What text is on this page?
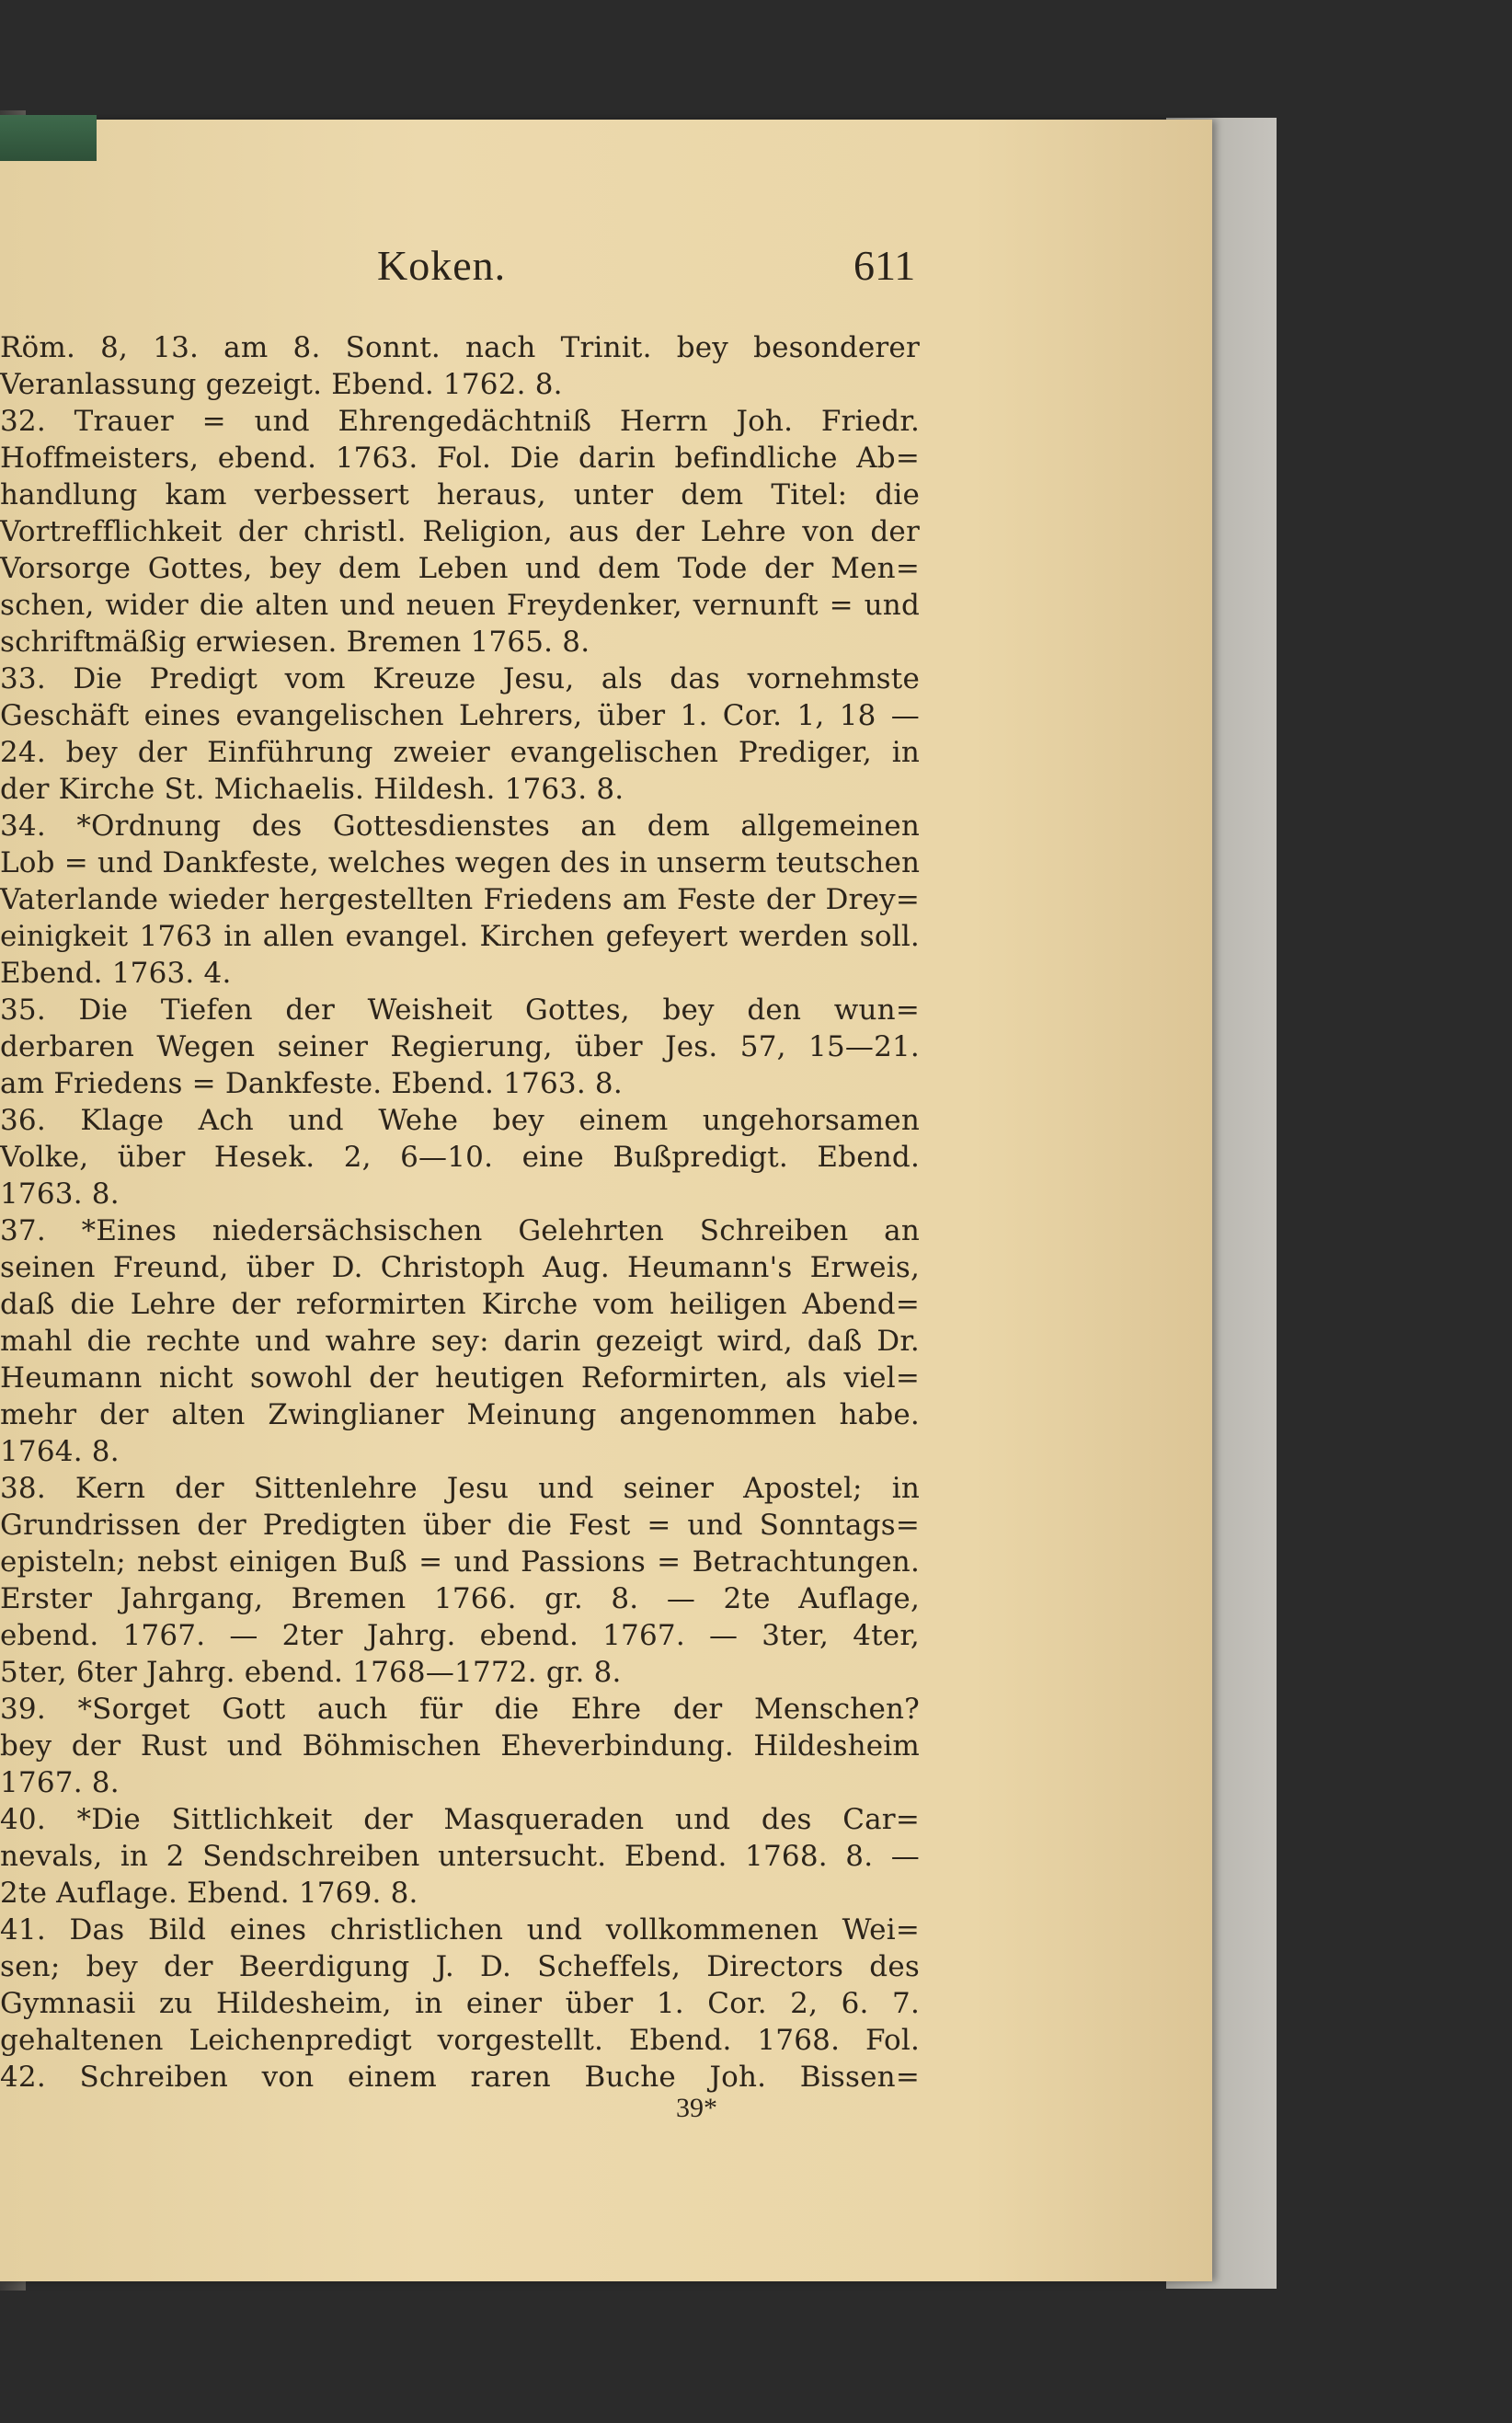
Koken.	611
Röm. 8, 13. am 8. Sonnt. nach Trinit. bey besonderer
Veranlassung gezeigt. Ebend. 1762. 8.
32. Trauer = und Ehrengedächtniß Herrn Joh. Friedr.
Hoffmeisters, ebend. 1763. Fol. Die darin befindliche Ab=
handlung kam verbessert heraus, unter dem Titel: die
Vortrefflichkeit der christl. Religion, aus der Lehre von der
Vorsorge Gottes, bey dem Leben und dem Tode der Men=
schen, wider die alten und neuen Freydenker, vernunft = und
schriftmäßig erwiesen. Bremen 1765. 8.
33. Die Predigt vom Kreuze Jesu, als das vornehmste
Geschäft eines evangelischen Lehrers, über 1. Cor. 1, 18 —
24. bey der Einführung zweier evangelischen Prediger, in
der Kirche St. Michaelis. Hildesh. 1763. 8.
34. *Ordnung des Gottesdienstes an dem allgemeinen
Lob = und Dankfeste, welches wegen des in unserm teutschen
Vaterlande wieder hergestellten Friedens am Feste der Drey=
einigkeit 1763 in allen evangel. Kirchen gefeyert werden soll.
Ebend. 1763. 4.
35. Die Tiefen der Weisheit Gottes, bey den wun=
derbaren Wegen seiner Regierung, über Jes. 57, 15—21.
am Friedens = Dankfeste. Ebend. 1763. 8.
36. Klage Ach und Wehe bey einem ungehorsamen
Volke, über Hesek. 2, 6—10. eine Bußpredigt. Ebend.
1763. 8.
37. *Eines niedersächsischen Gelehrten Schreiben an
seinen Freund, über D. Christoph Aug. Heumann's Erweis,
daß die Lehre der reformirten Kirche vom heiligen Abend=
mahl die rechte und wahre sey: darin gezeigt wird, daß Dr.
Heumann nicht sowohl der heutigen Reformirten, als viel=
mehr der alten Zwinglianer Meinung angenommen habe.
1764. 8.
38. Kern der Sittenlehre Jesu und seiner Apostel; in
Grundrissen der Predigten über die Fest = und Sonntags=
episteln; nebst einigen Buß = und Passions = Betrachtungen.
Erster Jahrgang, Bremen 1766. gr. 8. — 2te Auflage,
ebend. 1767. — 2ter Jahrg. ebend. 1767. — 3ter, 4ter,
5ter, 6ter Jahrg. ebend. 1768—1772. gr. 8.
39. *Sorget Gott auch für die Ehre der Menschen?
bey der Rust und Böhmischen Eheverbindung. Hildesheim
1767. 8.
40. *Die Sittlichkeit der Masqueraden und des Car=
nevals, in 2 Sendschreiben untersucht. Ebend. 1768. 8. —
2te Auflage. Ebend. 1769. 8.
41. Das Bild eines christlichen und vollkommenen Wei=
sen; bey der Beerdigung J. D. Scheffels, Directors des
Gymnasii zu Hildesheim, in einer über 1. Cor. 2, 6. 7.
gehaltenen Leichenpredigt vorgestellt. Ebend. 1768. Fol.
42. Schreiben von einem raren Buche Joh. Bissen=
39*
